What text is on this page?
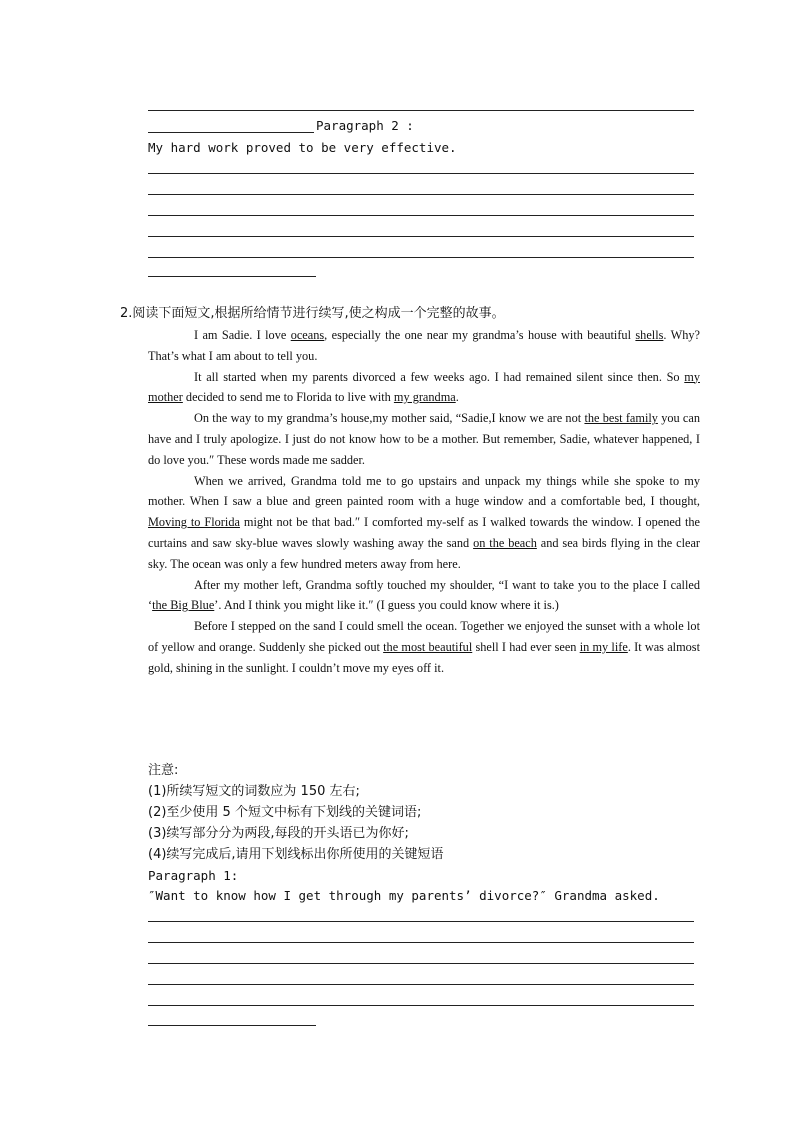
Paragraph 2 :
My hard work proved to be very effective.
2.阅读下面短文,根据所给情节进行续写,使之构成一个完整的故事。

I am Sadie. I love oceans, especially the one near my grandma’s house with beautiful shells. Why? That’s what I am about to tell you.

It all started when my parents divorced a few weeks ago. I had remained silent since then. So my mother decided to send me to Florida to live with my grandma.

On the way to my grandma’s house,my mother said, “Sadie,I know we are not the best family you can have and I truly apologize. I just do not know how to be a mother. But remember, Sadie, whatever happened, I do love you.″ These words made me sadder.

When we arrived, Grandma told me to go upstairs and unpack my things while she spoke to my mother. When I saw a blue and green painted room with a huge window and a comfortable bed, I thought, Moving to Florida might not be that bad.″ I comforted my-self as I walked towards the window. I opened the curtains and saw sky-blue waves slowly washing away the sand on the beach and sea birds flying in the clear sky. The ocean was only a few hundred meters away from here.

After my mother left, Grandma softly touched my shoulder, “I want to take you to the place I called ‘the Big Blue’. And I think you might like it.″ (I guess you could know where it is.)

Before I stepped on the sand I could smell the ocean. Together we enjoyed the sunset with a whole lot of yellow and orange. Suddenly she picked out the most beautiful shell I had ever seen in my life. It was almost gold, shining in the sunlight. I couldn’t move my eyes off it.

注意:
(1)所续写短文的词数应为 150 左右;
(2)至少使用 5 个短文中标有下划线的关键词语;
(3)续写部分分为两段,每段的开头语已为你好;
(4)续写完成后,请用下划线标出你所使用的关键短语
Paragraph 1:
″Want to know how I get through my parents’ divorce?″ Grandma asked.
